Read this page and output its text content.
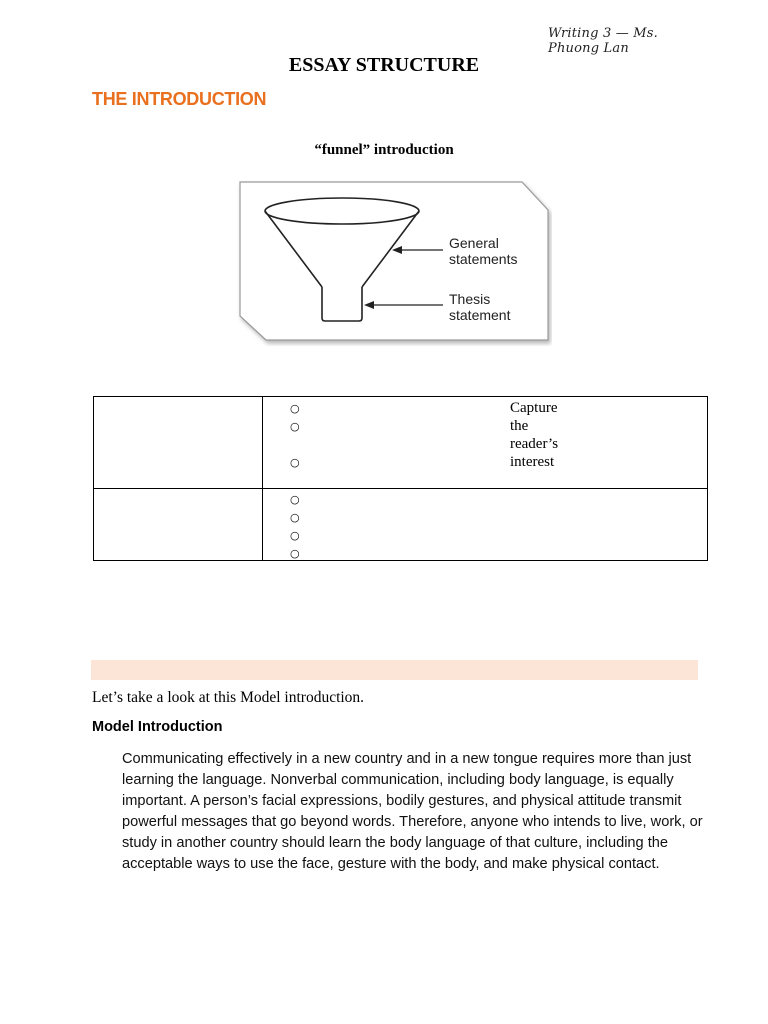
Writing 3 — Ms. Phuong Lan
ESSAY STRUCTURE
THE INTRODUCTION
“funnel” introduction
General
statements
Thesis
statement
○	Capture the reader’s interest
○
○
○
○
○
○
Let’s take a look at this Model introduction.
Model Introduction
Communicating effectively in a new country and in a new tongue requires more than just learning the language. Nonverbal communication, including body language, is equally important. A person’s facial expressions, bodily gestures, and physical attitude transmit powerful messages that go beyond words. Therefore, anyone who intends to live, work, or study in another country should learn the body language of that culture, including the acceptable ways to use the face, gesture with the body, and make physical contact.
